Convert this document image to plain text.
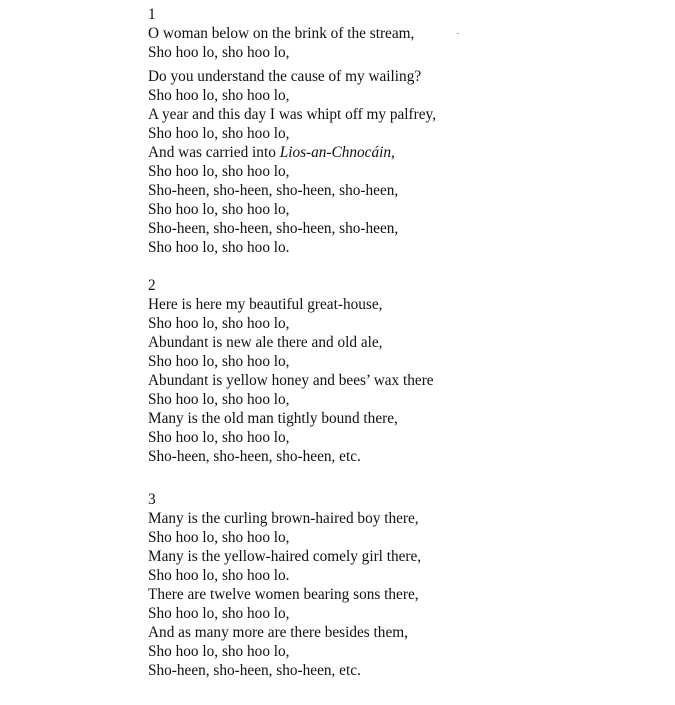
1
O woman below on the brink of the stream,
Sho hoo lo, sho hoo lo,
Do you understand the cause of my wailing?
Sho hoo lo, sho hoo lo,
A year and this day I was whipt off my palfrey,
Sho hoo lo, sho hoo lo,
And was carried into Lios-an-Chnocáin,
Sho hoo lo, sho hoo lo,
Sho-heen, sho-heen, sho-heen, sho-heen,
Sho hoo lo, sho hoo lo,
Sho-heen, sho-heen, sho-heen, sho-heen,
Sho hoo lo, sho hoo lo.
2
Here is here my beautiful great-house,
Sho hoo lo, sho hoo lo,
Abundant is new ale there and old ale,
Sho hoo lo, sho hoo lo,
Abundant is yellow honey and bees’ wax there
Sho hoo lo, sho hoo lo,
Many is the old man tightly bound there,
Sho hoo lo, sho hoo lo,
Sho-heen, sho-heen, sho-heen, etc.
3
Many is the curling brown-haired boy there,
Sho hoo lo, sho hoo lo,
Many is the yellow-haired comely girl there,
Sho hoo lo, sho hoo lo.
There are twelve women bearing sons there,
Sho hoo lo, sho hoo lo,
And as many more are there besides them,
Sho hoo lo, sho hoo lo,
Sho-heen, sho-heen, sho-heen, etc.
